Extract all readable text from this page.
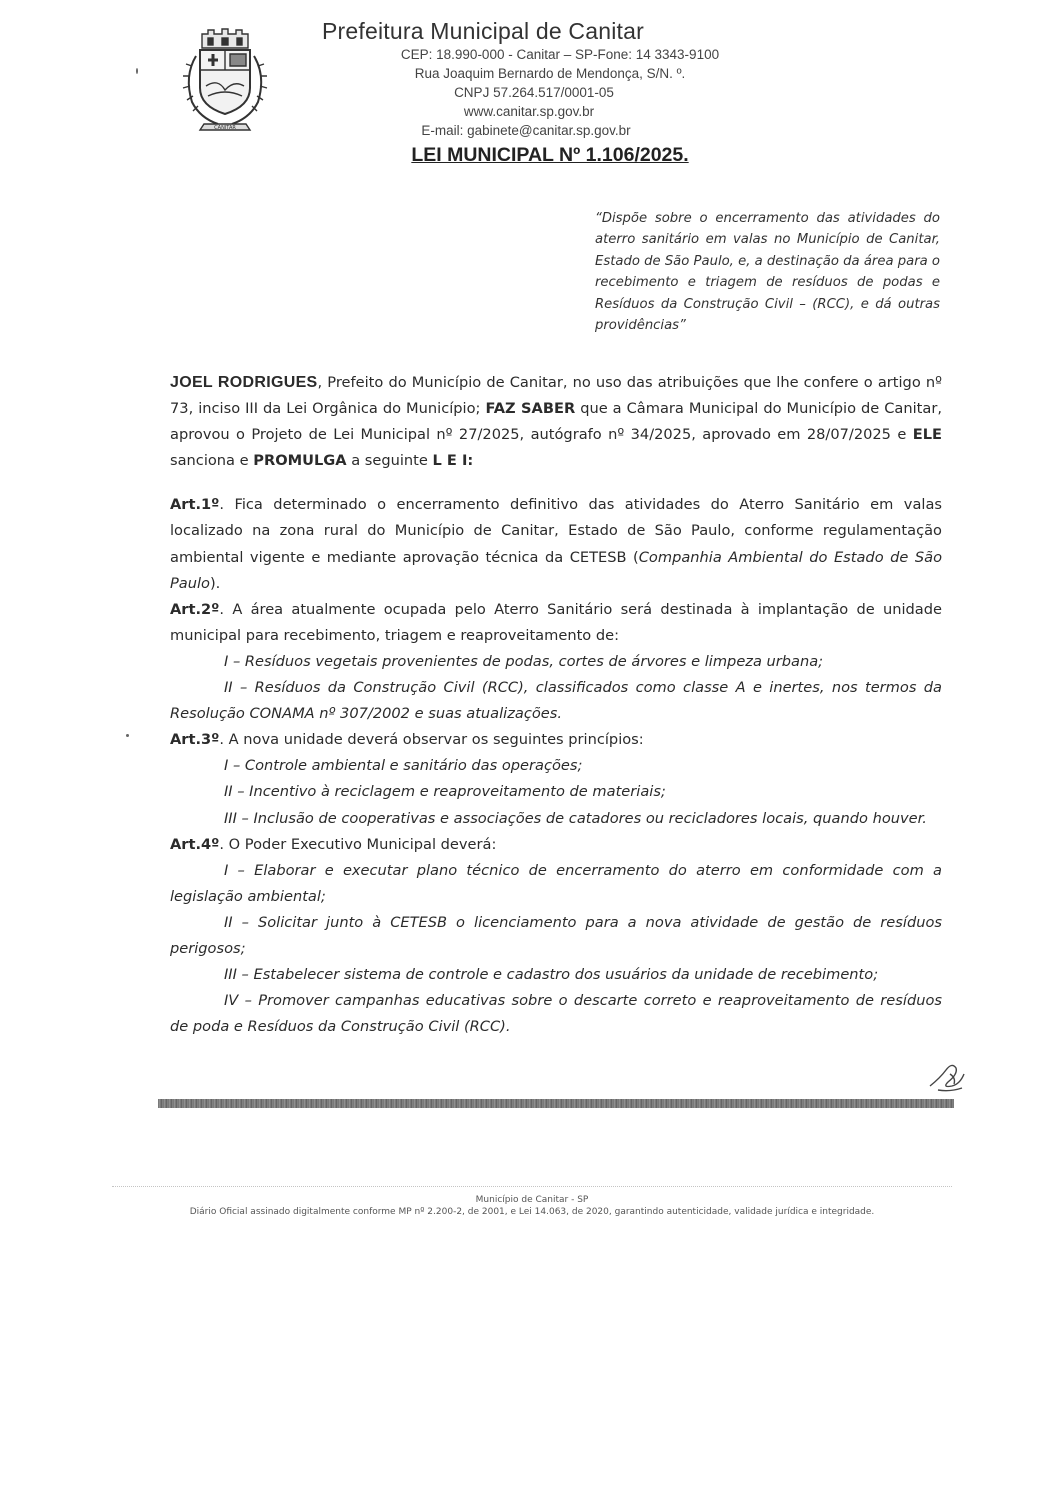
CANITAR
Prefeitura Municipal de Canitar

CEP: 18.990-000 - Canitar – SP-Fone: 14 3343-9100

Rua Joaquim Bernardo de Mendonça, S/N. º.

CNPJ 57.264.517/0001-05

www.canitar.sp.gov.br

E-mail: gabinete@canitar.sp.gov.br

LEI MUNICIPAL Nº 1.106/2025.
“Dispõe sobre o encerramento das atividades do aterro sanitário em valas no Município de Canitar, Estado de São Paulo, e, a destinação da área para o recebimento e triagem de resíduos de podas e Resíduos da Construção Civil – (RCC), e dá outras providências”

JOEL RODRIGUES, Prefeito do Município de Canitar, no uso das atribuições que lhe confere o artigo nº 73, inciso III da Lei Orgânica do Município; FAZ SABER que a Câmara Municipal do Município de Canitar, aprovou o Projeto de Lei Municipal nº 27/2025, autógrafo nº 34/2025, aprovado em 28/07/2025 e ELE sanciona e PROMULGA a seguinte L E I:

Art.1º. Fica determinado o encerramento definitivo das atividades do Aterro Sanitário em valas localizado na zona rural do Município de Canitar, Estado de São Paulo, conforme regulamentação ambiental vigente e mediante aprovação técnica da CETESB (Companhia Ambiental do Estado de São Paulo).

Art.2º. A área atualmente ocupada pelo Aterro Sanitário será destinada à implantação de unidade municipal para recebimento, triagem e reaproveitamento de:

I – Resíduos vegetais provenientes de podas, cortes de árvores e limpeza urbana;

II – Resíduos da Construção Civil (RCC), classificados como classe A e inertes, nos termos da Resolução CONAMA nº 307/2002 e suas atualizações.

Art.3º. A nova unidade deverá observar os seguintes princípios:

I – Controle ambiental e sanitário das operações;

II – Incentivo à reciclagem e reaproveitamento de materiais;

III – Inclusão de cooperativas e associações de catadores ou recicladores locais, quando houver.

Art.4º. O Poder Executivo Municipal deverá:

I – Elaborar e executar plano técnico de encerramento do aterro em conformidade com a legislação ambiental;

II – Solicitar junto à CETESB o licenciamento para a nova atividade de gestão de resíduos perigosos;

III – Estabelecer sistema de controle e cadastro dos usuários da unidade de recebimento;

IV – Promover campanhas educativas sobre o descarte correto e reaproveitamento de resíduos de poda e Resíduos da Construção Civil (RCC).

Município de Canitar - SP
Diário Oficial assinado digitalmente conforme MP nº 2.200-2, de 2001, e Lei 14.063, de 2020, garantindo autenticidade, validade jurídica e integridade.
